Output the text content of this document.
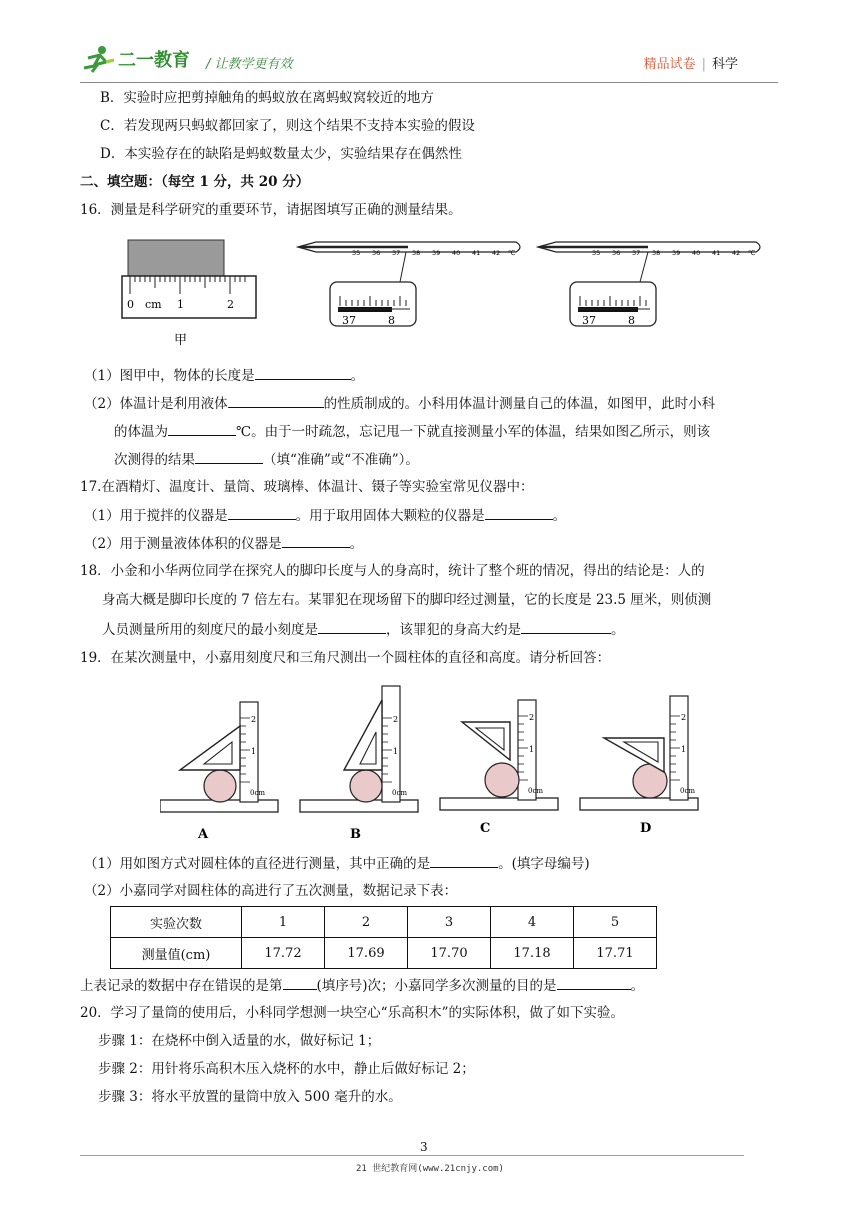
二一教育 / 让教学更有效	精品试卷 | 科学
B．实验时应把剪掉触角的蚂蚁放在离蚂蚁窝较近的地方
C．若发现两只蚂蚁都回家了，则这个结果不支持本实验的假设
D．本实验存在的缺陷是蚂蚁数量太少，实验结果存在偶然性
二、填空题：（每空 1 分，共 20 分）
16．测量是科学研究的重要环节，请据图填写正确的测量结果。
0 cm 1	2
甲
35 36 37 38 39 40 41 42 ℃
37	8
35 36 37 38 39 40 41 42 ℃
37	8
（1）图甲中，物体的长度是	。
（2）体温计是利用液体	的性质制成的。小科用体温计测量自己的体温，如图甲，此时小科
的体温为	℃。由于一时疏忽，忘记甩一下就直接测量小军的体温，结果如图乙所示，则该
次测得的结果	（填“准确”或“不准确”）。
17.在酒精灯、温度计、量筒、玻璃棒、体温计、镊子等实验室常见仪器中：
（1）用于搅拌的仪器是	。用于取用固体大颗粒的仪器是	。
（2）用于测量液体体积的仪器是	。
18．小金和小华两位同学在探究人的脚印长度与人的身高时，统计了整个班的情况，得出的结论是：人的
身高大概是脚印长度的 7 倍左右。某罪犯在现场留下的脚印经过测量，它的长度是 23.5 厘米，则侦测
人员测量所用的刻度尺的最小刻度是	，该罪犯的身高大约是	。
19．在某次测量中，小嘉用刻度尺和三角尺测出一个圆柱体的直径和高度。请分析回答：
2
1
0cm
A
2
1
0cm
B
2
1
0cm
C
2
1
0cm
D
（1）用如图方式对圆柱体的直径进行测量，其中正确的是	。(填字母编号)
（2）小嘉同学对圆柱体的高进行了五次测量，数据记录下表：
实验次数	1	2	3	4	5
测量值(cm)	17.72	17.69	17.70	17.18	17.71
上表记录的数据中存在错误的是第	(填序号)次；小嘉同学多次测量的目的是	。
20．学习了量筒的使用后，小科同学想测一块空心“乐高积木”的实际体积，做了如下实验。
步骤 1：在烧杯中倒入适量的水，做好标记 1；
步骤 2：用针将乐高积木压入烧杯的水中，静止后做好标记 2；
步骤 3：将水平放置的量筒中放入 500 毫升的水。
3
21 世纪教育网(www.21cnjy.com)
